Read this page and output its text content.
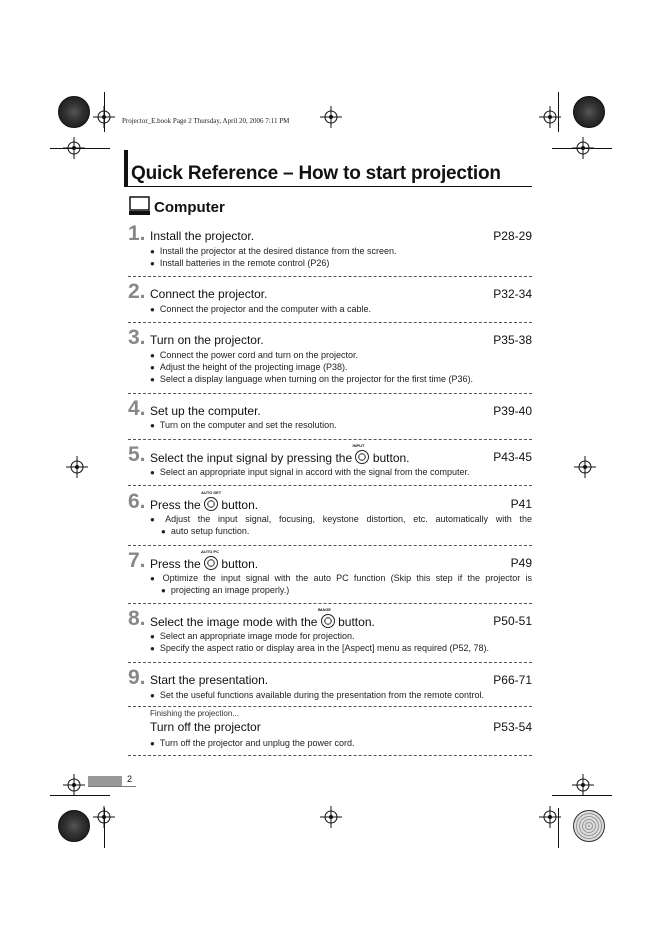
Projector_E.book Page 2 Thursday, April 20, 2006 7:11 PM
Quick Reference – How to start projection
Computer
1. Install the projector.	P28-29
● Install the projector at the desired distance from the screen.
● Install batteries in the remote control (P26)
2. Connect the projector.	P32-34
● Connect the projector and the computer with a cable.
3. Turn on the projector.	P35-38
● Connect the power cord and turn on the projector.
● Adjust the height of the projecting image (P38).
● Select a display language when turning on the projector for the first time (P36).
4. Set up the computer.	P39-40
● Turn on the computer and set the resolution.
5. Select the input signal by pressing the
INPUT
button.	P43-45
● Select an appropriate input signal in accord with the signal from the computer.
6. Press the
AUTO SET
button.	P41
● Adjust the input signal, focusing, keystone distortion, etc. automatically with the
● auto setup function.
7. Press the
AUTO PC
button.	P49
● Optimize the input signal with the auto PC function (Skip this step if the projector is
● projecting an image properly.)
8. Select the image mode with the
IMAGE
button.	P50-51
● Select an appropriate image mode for projection.
● Specify the aspect ratio or display area in the [Aspect] menu as required (P52, 78).
9. Start the presentation.	P66-71
● Set the useful functions available during the presentation from the remote control.
Finishing the projection...
Turn off the projector	P53-54
● Turn off the projector and unplug the power cord.
2
